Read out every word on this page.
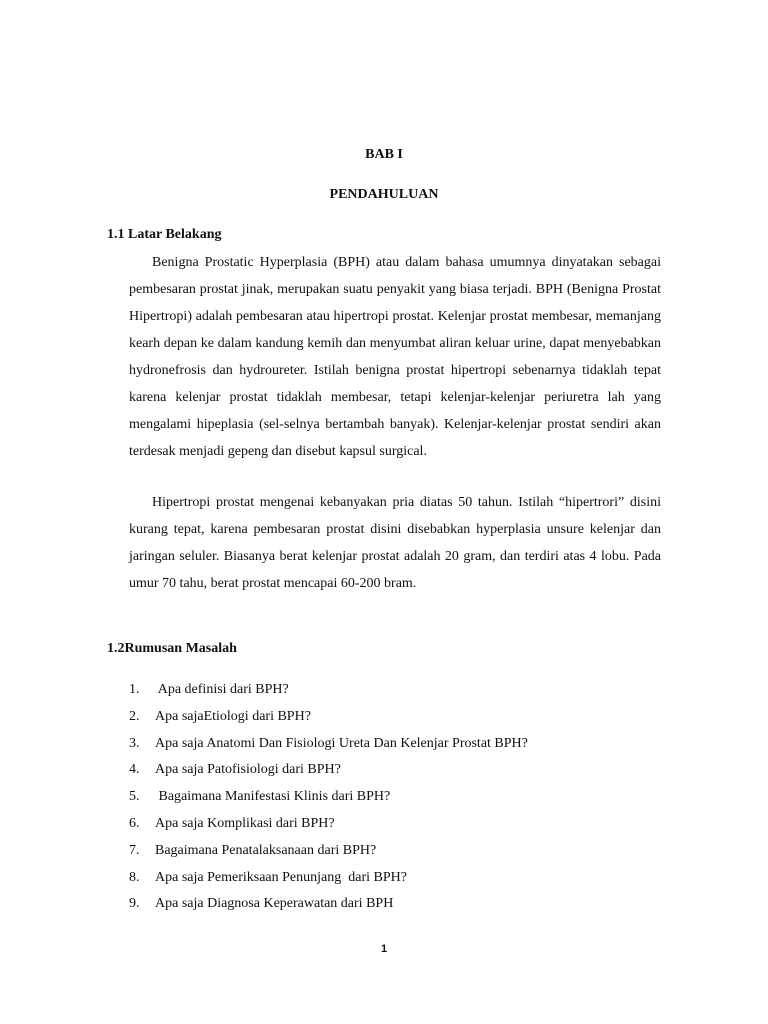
BAB I
PENDAHULUAN
1.1 Latar Belakang

Benigna Prostatic Hyperplasia (BPH) atau dalam bahasa umumnya dinyatakan sebagai pembesaran prostat jinak, merupakan suatu penyakit yang biasa terjadi. BPH (Benigna Prostat Hipertropi) adalah pembesaran atau hipertropi prostat. Kelenjar prostat membesar, memanjang kearh depan ke dalam kandung kemih dan menyumbat aliran keluar urine, dapat menyebabkan hydronefrosis dan hydroureter. Istilah benigna prostat hipertropi sebenarnya tidaklah tepat karena kelenjar prostat tidaklah membesar, tetapi kelenjar-kelenjar periuretra lah yang mengalami hipeplasia (sel-selnya bertambah banyak). Kelenjar-kelenjar prostat sendiri akan terdesak menjadi gepeng dan disebut kapsul surgical.

Hipertropi prostat mengenai kebanyakan pria diatas 50 tahun. Istilah “hipertrori” disini kurang tepat, karena pembesaran prostat disini disebabkan hyperplasia unsure kelenjar dan jaringan seluler. Biasanya berat kelenjar prostat adalah 20 gram, dan terdiri atas 4 lobu. Pada umur 70 tahu, berat prostat mencapai 60-200 bram.

1.2Rumusan Masalah
1. Apa definisi dari BPH?
2. Apa sajaEtiologi dari BPH?
3. Apa saja Anatomi Dan Fisiologi Ureta Dan Kelenjar Prostat BPH?
4. Apa saja Patofisiologi dari BPH?
5. Bagaimana Manifestasi Klinis dari BPH?
6. Apa saja Komplikasi dari BPH?
7. Bagaimana Penatalaksanaan dari BPH?
8. Apa saja Pemeriksaan Penunjang  dari BPH?
9. Apa saja Diagnosa Keperawatan dari BPH
1
